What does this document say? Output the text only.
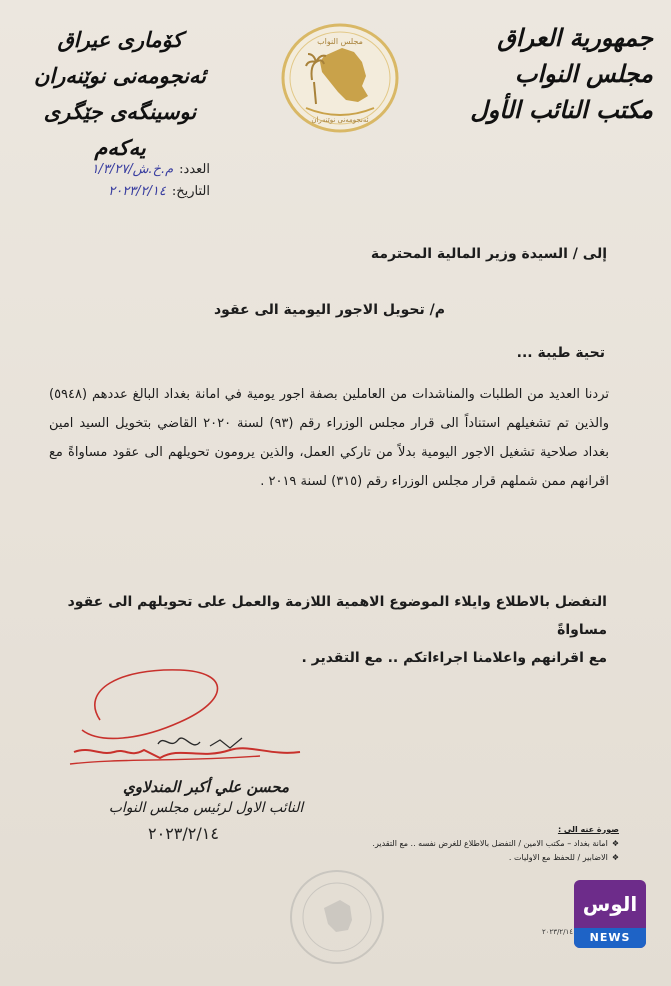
جمهورية العراق
مجلس النواب
مكتب النائب الأول
کۆماری عیراق
ئەنجومەنی نوێنەران
نوسینگەی جێگری یەکەم
مجلس النواب
ئەنجومەنی نوێنەران
العدد:
م.خ.ش/١/٣/٢٧
التاريخ:
٢٠٢٣/٢/١٤
إلى / السيدة وزير المالية المحترمة
م/ تحويل الاجور اليومية الى عقود
تحية طيبة ...
تردنا العديد من الطلبات والمناشدات من العاملين بصفة اجور يومية في امانة بغداد البالغ عددهم (٥٩٤٨) والذين تم تشغيلهم استناداً الى قرار مجلس الوزراء رقم (٩٣) لسنة ٢٠٢٠ القاضي بتخويل السيد امين بغداد صلاحية تشغيل الاجور اليومية بدلاً من تاركي العمل، والذين يرومون تحويلهم الى عقود مساواةً مع اقرانهم ممن شملهم قرار مجلس الوزراء رقم (٣١٥) لسنة ٢٠١٩ .
التفضل بالاطلاع وايلاء الموضوع الاهمية اللازمة والعمل على تحويلهم الى عقود مساواةً
مع اقرانهم واعلامنا اجراءاتكم .. مع التقدير .
محسن علي أكبر المندلاوي
النائب الاول لرئيس مجلس النواب
٢٠٢٣/٢/١٤	صورة عنه الى :
❖
امانة بغداد – مكتب الامين / التفضل بالاطلاع للغرض نفسه .. مع التقدير.
❖
الاضابير / للحفظ مع الاوليات .
٢٠٢٣/٢/١٤
الوس
NEWS
